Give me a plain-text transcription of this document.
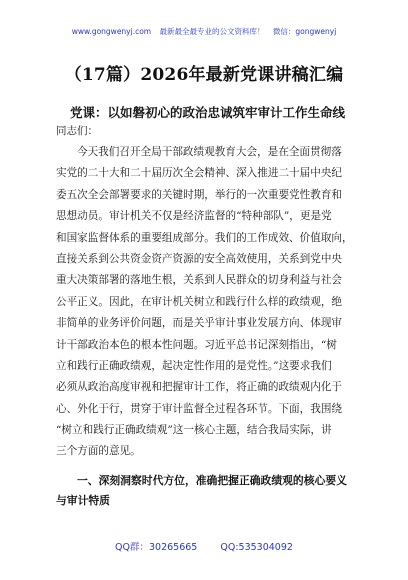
www.gongwenyj.com 最新最全最专业的公文资料库！ 微信：gongwenyj
（17篇）2026年最新党课讲稿汇编
党课：以如磐初心的政治忠诚筑牢审计工作生命线
同志们：
今天我们召开全局干部政绩观教育大会，是在全面贯彻落
实党的二十大和二十届历次全会精神、深入推进二十届中央纪
委五次全会部署要求的关键时期，举行的一次重要党性教育和
思想动员。审计机关不仅是经济监督的“特种部队”，更是党
和国家监督体系的重要组成部分。我们的工作成效、价值取向，
直接关系到公共资金资产资源的安全高效使用，关系到党中央
重大决策部署的落地生根，关系到人民群众的切身利益与社会
公平正义。因此，在审计机关树立和践行什么样的政绩观，绝
非简单的业务评价问题，而是关乎审计事业发展方向、体现审
计干部政治本色的根本性问题。习近平总书记深刻指出，“树
立和践行正确政绩观，起决定性作用的是党性。”这要求我们
必须从政治高度审视和把握审计工作，将正确的政绩观内化于
心、外化于行，贯穿于审计监督全过程各环节。下面，我围绕
“树立和践行正确政绩观”这一核心主题，结合我局实际，讲
三个方面的意见。
一、深刻洞察时代方位，准确把握正确政绩观的核心要义
与审计特质
QQ群：30265665 QQ:535304092
